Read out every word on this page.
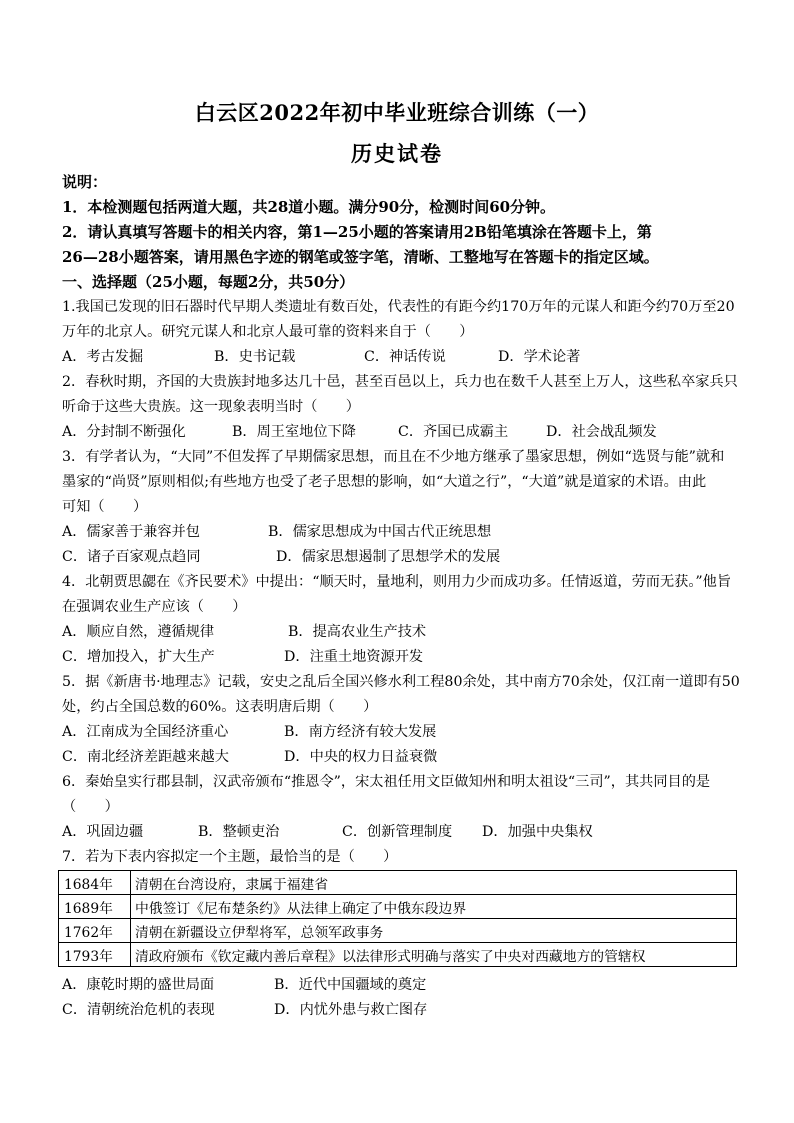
白云区2022年初中毕业班综合训练（一）
历史试卷
说明：
1．本检测题包括两道大题，共28道小题。满分90分，检测时间60分钟。
2．请认真填写答题卡的相关内容，第1—25小题的答案请用2B铅笔填涂在答题卡上，第
26—28小题答案，请用黑色字迹的钢笔或签字笔，清晰、工整地写在答题卡的指定区域。
一、选择题（25小题，每题2分，共50分）
1.我国已发现的旧石器时代早期人类遗址有数百处，代表性的有距今约170万年的元谋人和距今约70万至20
万年的北京人。研究元谋人和北京人最可靠的资料来自于（　　）
A．考古发掘	B．史书记载	C．神话传说	D．学术论著
2．春秋时期，齐国的大贵族封地多达几十邑，甚至百邑以上，兵力也在数千人甚至上万人，这些私卒家兵只
听命于这些大贵族。这一现象表明当时（　　）
A．分封制不断强化	B．周王室地位下降	C．齐国已成霸主	D．社会战乱频发
3．有学者认为，“大同”不但发挥了早期儒家思想，而且在不少地方继承了墨家思想，例如“选贤与能”就和
墨家的“尚贤”原则相似;有些地方也受了老子思想的影响，如“大道之行”，“大道”就是道家的术语。由此
可知（　　）
A．儒家善于兼容并包	B．儒家思想成为中国古代正统思想
C．诸子百家观点趋同	D．儒家思想遏制了思想学术的发展
4．北朝贾思勰在《齐民要术》中提出：“顺天时，量地利，则用力少而成功多。任情返道，劳而无获。”他旨
在强调农业生产应该（　　）
A．顺应自然，遵循规律	B．提高农业生产技术
C．增加投入，扩大生产	D．注重土地资源开发
5．据《新唐书·地理志》记载，安史之乱后全国兴修水利工程80余处，其中南方70余处，仅江南一道即有50
处，约占全国总数的60%。这表明唐后期（　　）
A．江南成为全国经济重心	B．南方经济有较大发展
C．南北经济差距越来越大	D．中央的权力日益衰微
6．秦始皇实行郡县制，汉武帝颁布“推恩令”，宋太祖任用文臣做知州和明太祖设“三司”，其共同目的是
（　　）
A．巩固边疆	B．整顿吏治	C．创新管理制度 D．加强中央集权
7．若为下表内容拟定一个主题，最恰当的是（　　）
1684年	清朝在台湾设府，隶属于福建省
1689年	中俄签订《尼布楚条约》从法律上确定了中俄东段边界
1762年	清朝在新疆设立伊犁将军，总领军政事务
1793年	清政府颁布《钦定藏内善后章程》以法律形式明确与落实了中央对西藏地方的管辖权
A．康乾时期的盛世局面	B．近代中国疆域的奠定
C．清朝统治危机的表现	D．内忧外患与救亡图存
